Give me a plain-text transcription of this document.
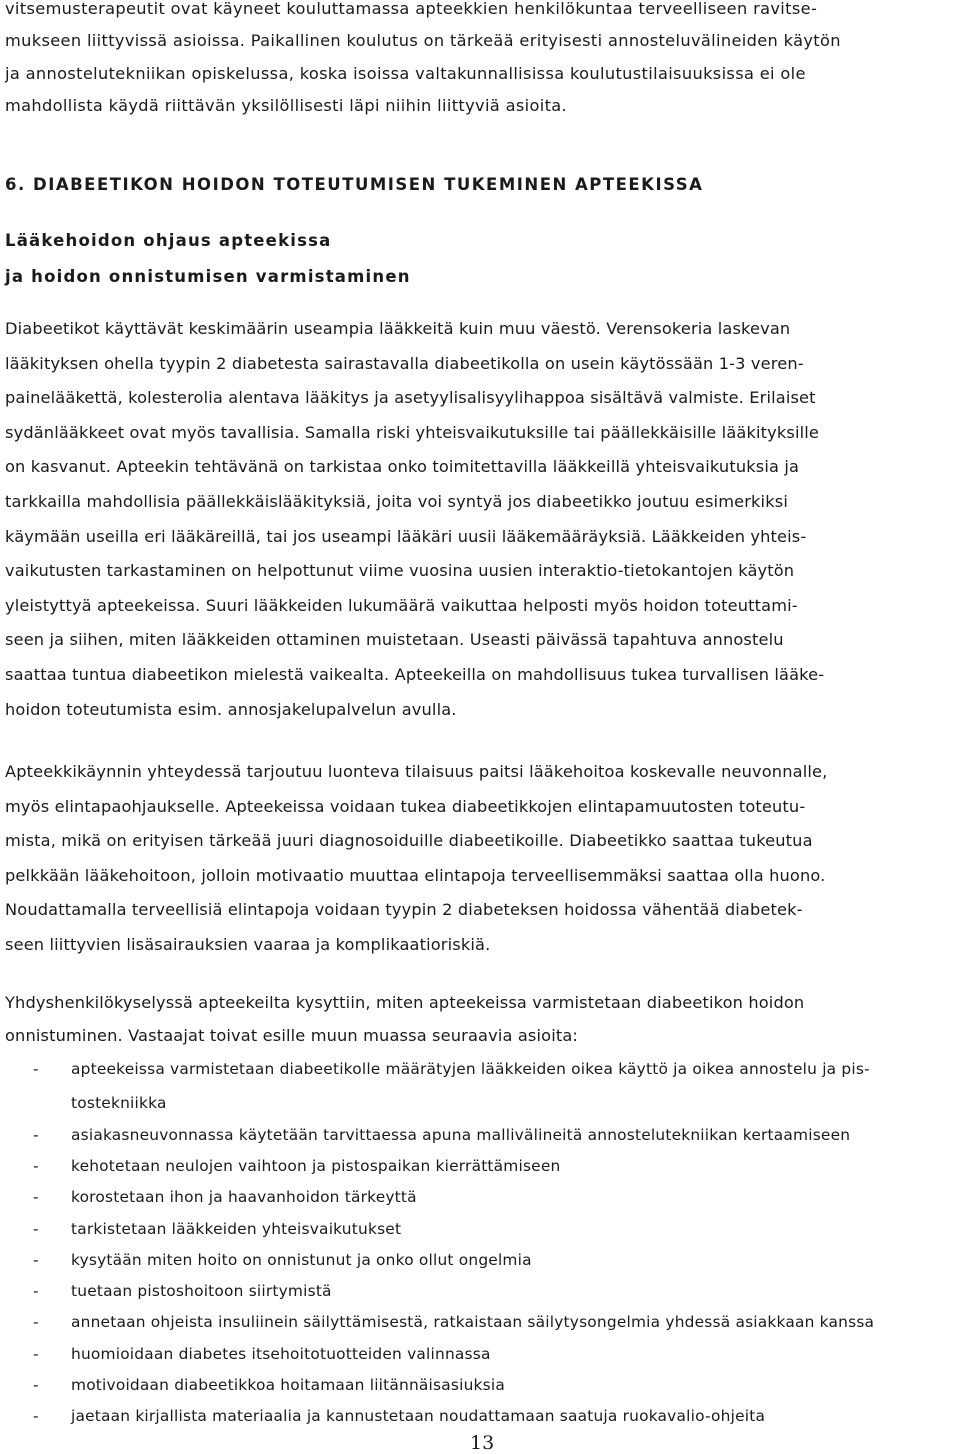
vitsemusterapeutit ovat käyneet kouluttamassa apteekkien henkilökuntaa terveelliseen ravitse-
mukseen liittyvissä asioissa. Paikallinen koulutus on tärkeää erityisesti annosteluvälineiden käytön
ja annostelutekniikan opiskelussa, koska isoissa valtakunnallisissa koulutustilaisuuksissa ei ole
mahdollista käydä riittävän yksilöllisesti läpi niihin liittyviä asioita.
6. DIABEETIKON HOIDON TOTEUTUMISEN TUKEMINEN APTEEKISSA
Lääkehoidon ohjaus apteekissa
ja hoidon onnistumisen varmistaminen
Diabeetikot käyttävät keskimäärin useampia lääkkeitä kuin muu väestö. Verensokeria laskevan
lääkityksen ohella tyypin 2 diabetesta sairastavalla diabeetikolla on usein käytössään 1-3 veren-
painelääkettä, kolesterolia alentava lääkitys ja asetyylisalisyylihappoa sisältävä valmiste. Erilaiset
sydänlääkkeet ovat myös tavallisia. Samalla riski yhteisvaikutuksille tai päällekkäisille lääkityksille
on kasvanut. Apteekin tehtävänä on tarkistaa onko toimitettavilla lääkkeillä yhteisvaikutuksia ja
tarkkailla mahdollisia päällekkäislääkityksiä, joita voi syntyä jos diabeetikko joutuu esimerkiksi
käymään useilla eri lääkäreillä, tai jos useampi lääkäri uusii lääkemääräyksiä. Lääkkeiden yhteis-
vaikutusten tarkastaminen on helpottunut viime vuosina uusien interaktio-tietokantojen käytön
yleistyttyä apteekeissa. Suuri lääkkeiden lukumäärä vaikuttaa helposti myös hoidon toteuttami-
seen ja siihen, miten lääkkeiden ottaminen muistetaan. Useasti päivässä tapahtuva annostelu
saattaa tuntua diabeetikon mielestä vaikealta. Apteekeilla on mahdollisuus tukea turvallisen lääke-
hoidon toteutumista esim. annosjakelupalvelun avulla.
Apteekkikäynnin yhteydessä tarjoutuu luonteva tilaisuus paitsi lääkehoitoa koskevalle neuvonnalle,
myös elintapaohjaukselle. Apteekeissa voidaan tukea diabeetikkojen elintapamuutosten toteutu-
mista, mikä on erityisen tärkeää juuri diagnosoiduille diabeetikoille. Diabeetikko saattaa tukeutua
pelkkään lääkehoitoon, jolloin motivaatio muuttaa elintapoja terveellisemmäksi saattaa olla huono.
Noudattamalla terveellisiä elintapoja voidaan tyypin 2 diabeteksen hoidossa vähentää diabetek-
seen liittyvien lisäsairauksien vaaraa ja komplikaatioriskiä.
Yhdyshenkilökyselyssä apteekeilta kysyttiin, miten apteekeissa varmistetaan diabeetikon hoidon
onnistuminen. Vastaajat toivat esille muun muassa seuraavia asioita:
- apteekeissa varmistetaan diabeetikolle määrätyjen lääkkeiden oikea käyttö ja oikea annostelu ja pis-
tostekniikka
- asiakasneuvonnassa käytetään tarvittaessa apuna mallivälineitä annostelutekniikan kertaamiseen
- kehotetaan neulojen vaihtoon ja pistospaikan kierrättämiseen
- korostetaan ihon ja haavanhoidon tärkeyttä
- tarkistetaan lääkkeiden yhteisvaikutukset
- kysytään miten hoito on onnistunut ja onko ollut ongelmia
- tuetaan pistoshoitoon siirtymistä
- annetaan ohjeista insuliinein säilyttämisestä, ratkaistaan säilytysongelmia yhdessä asiakkaan kanssa
- huomioidaan diabetes itsehoitotuotteiden valinnassa
- motivoidaan diabeetikkoa hoitamaan liitännäisasiuksia
- jaetaan kirjallista materiaalia ja kannustetaan noudattamaan saatuja ruokavalio-ohjeita
13
